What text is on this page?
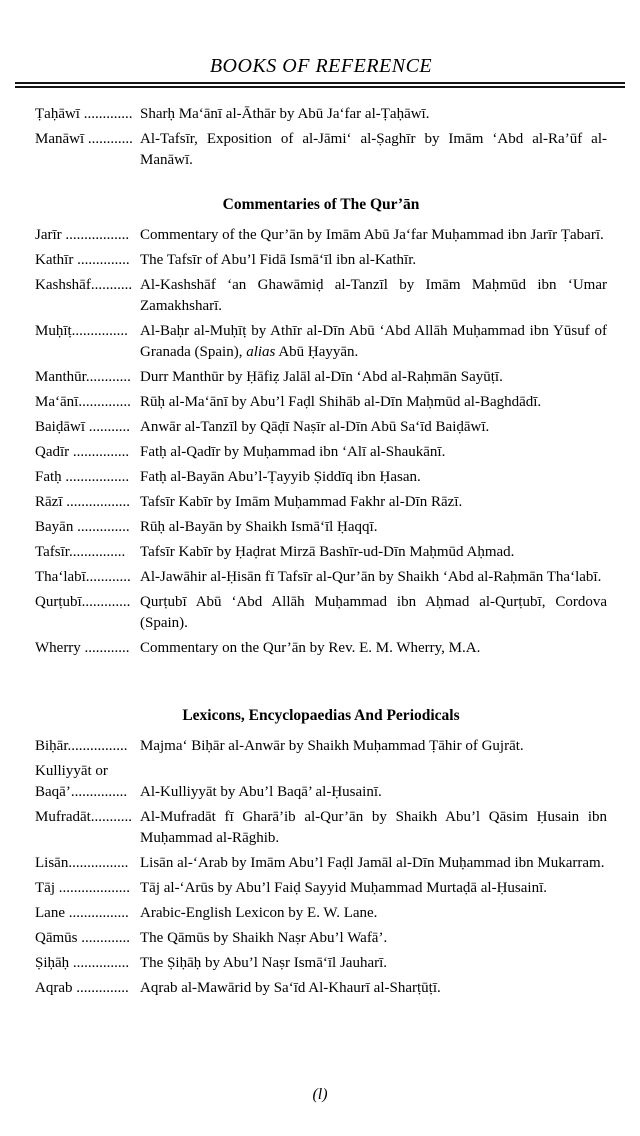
BOOKS OF REFERENCE
Ṭaḥāwī ............. Sharḥ Ma‘ānī al-Āthār by Abū Ja‘far al-Ṭaḥāwī.
Manāwī ............ Al-Tafsīr, Exposition of al-Jāmi‘ al-Ṣaghīr by Imām ‘Abd al-Ra’ūf al-Manāwī.
Commentaries of The Qur’ān
Jarīr ................. Commentary of the Qur’ān by Imām Abū Ja‘far Muḥammad ibn Jarīr Ṭabarī.
Kathīr .............. The Tafsīr of Abu’l Fidā Ismā‘īl ibn al-Kathīr.
Kashshāf........... Al-Kashshāf ‘an Ghawāmiḍ al-Tanzīl by Imām Maḥmūd ibn ‘Umar Zamakhsharī.
Muḥīṭ............... Al-Baḥr al-Muḥīṭ by Athīr al-Dīn Abū ‘Abd Allāh Muḥammad ibn Yūsuf of Granada (Spain), alias Abū Ḥayyān.
Manthūr............ Durr Manthūr by Ḥāfiẓ Jalāl al-Dīn ‘Abd al-Raḥmān Sayūṭī.
Ma‘ānī.............. Rūḥ al-Ma‘ānī by Abu’l Faḍl Shihāb al-Dīn Maḥmūd al-Baghdādī.
Baiḍāwī ........... Anwār al-Tanzīl by Qāḍī Naṣīr al-Dīn Abū Sa‘īd Baiḍāwī.
Qadīr ............... Fatḥ al-Qadīr by Muḥammad ibn ‘Alī al-Shaukānī.
Fatḥ ................. Fatḥ al-Bayān Abu’l-Ṭayyib Ṣiddīq ibn Ḥasan.
Rāzī ................. Tafsīr Kabīr by Imām Muḥammad Fakhr al-Dīn Rāzī.
Bayān .............. Rūḥ al-Bayān by Shaikh Ismā‘īl Ḥaqqī.
Tafsīr............... Tafsīr Kabīr by Ḥaḍrat Mirzā Bashīr-ud-Dīn Maḥmūd Aḥmad.
Tha‘labī............ Al-Jawāhir al-Ḥisān fī Tafsīr al-Qur’ān by Shaikh ‘Abd al-Raḥmān Tha‘labī.
Qurṭubī............. Qurṭubī Abū ‘Abd Allāh Muḥammad ibn Aḥmad al-Qurṭubī, Cordova (Spain).
Wherry ............ Commentary on the Qur’ān by Rev. E. M. Wherry, M.A.
Lexicons, Encyclopaedias And Periodicals
Biḥār................ Majma‘ Biḥār al-Anwār by Shaikh Muḥammad Ṭāhir of Gujrāt.
Kulliyyāt or
Baqā’............... Al-Kulliyyāt by Abu’l Baqā’ al-Ḥusainī.
Mufradāt........... Al-Mufradāt fī Gharā’ib al-Qur’ān by Shaikh Abu’l Qāsim Ḥusain ibn Muḥammad al-Rāghib.
Lisān................ Lisān al-‘Arab by Imām Abu’l Faḍl Jamāl al-Dīn Muḥammad ibn Mukarram.
Tāj ................... Tāj al-‘Arūs by Abu’l Faiḍ Sayyid Muḥammad Murtaḍā al-Ḥusainī.
Lane ................ Arabic-English Lexicon by E. W. Lane.
Qāmūs ............. The Qāmūs by Shaikh Naṣr Abu’l Wafā’.
Ṣiḥāḥ ............... The Ṣiḥāḥ by Abu’l Naṣr Ismā‘īl Jauharī.
Aqrab .............. Aqrab al-Mawārid by Sa‘īd Al-Khaurī al-Sharṭūṭī.
(l)
